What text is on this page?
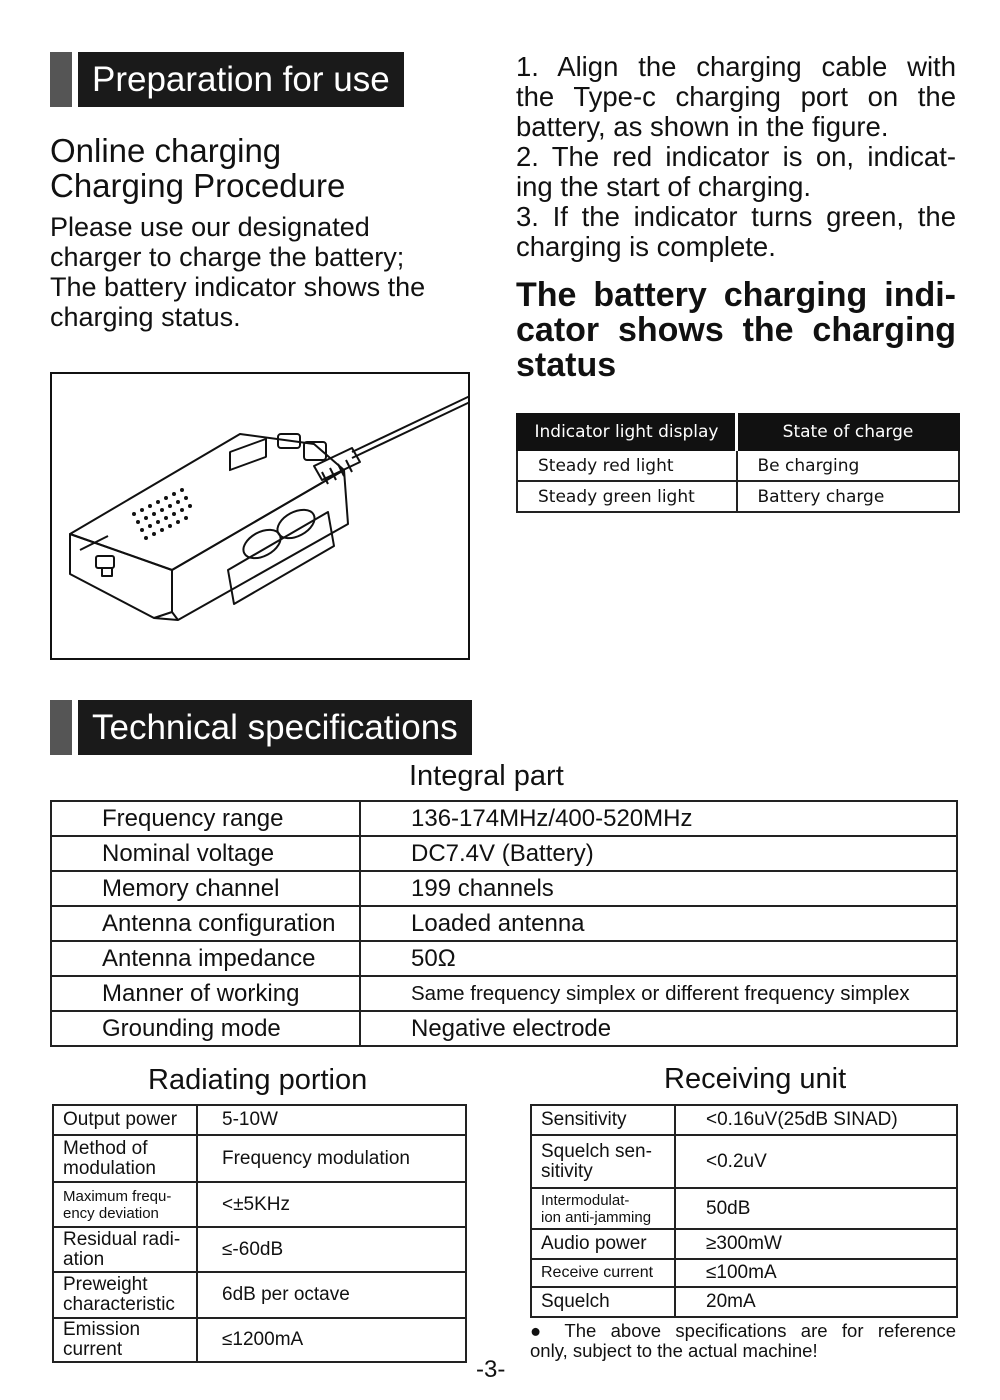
Preparation for use
Online charging
Charging Procedure
Please use our designated
charger to charge the battery;
The battery indicator shows the
charging status.
1. Align the charging cable with
the Type-c charging port on the
battery, as shown in the figure.
2. The red indicator is on, indicat-
ing the start of charging.
3. If the indicator turns green, the
charging is complete.
The battery charging indi-
cator shows the charging
status
Indicator light display	State of charge
Steady red light	Be charging
Steady green light	Battery charge
Technical specifications
Integral part
Frequency range	136-174MHz/400-520MHz
Nominal voltage	DC7.4V (Battery)
Memory channel	199 channels
Antenna configuration	Loaded antenna
Antenna impedance	50Ω
Manner of working	Same frequency simplex or different frequency simplex
Grounding mode	Negative electrode
Radiating portion	Receiving unit
Output power	5-10W
Method of
modulation	Frequency modulation
Maximum frequ-
ency deviation	<±5KHz
Residual radi-
ation	≤-60dB
Preweight
characteristic	6dB per octave
Emission
current	≤1200mA
Sensitivity	<0.16uV(25dB SINAD)
Squelch sen-
sitivity	<0.2uV
Intermodulat-
ion anti-jamming	50dB
Audio power	≥300mW
Receive current	≤100mA
Squelch	20mA
● The above specifications are for reference
only, subject to the actual machine!
-3-
